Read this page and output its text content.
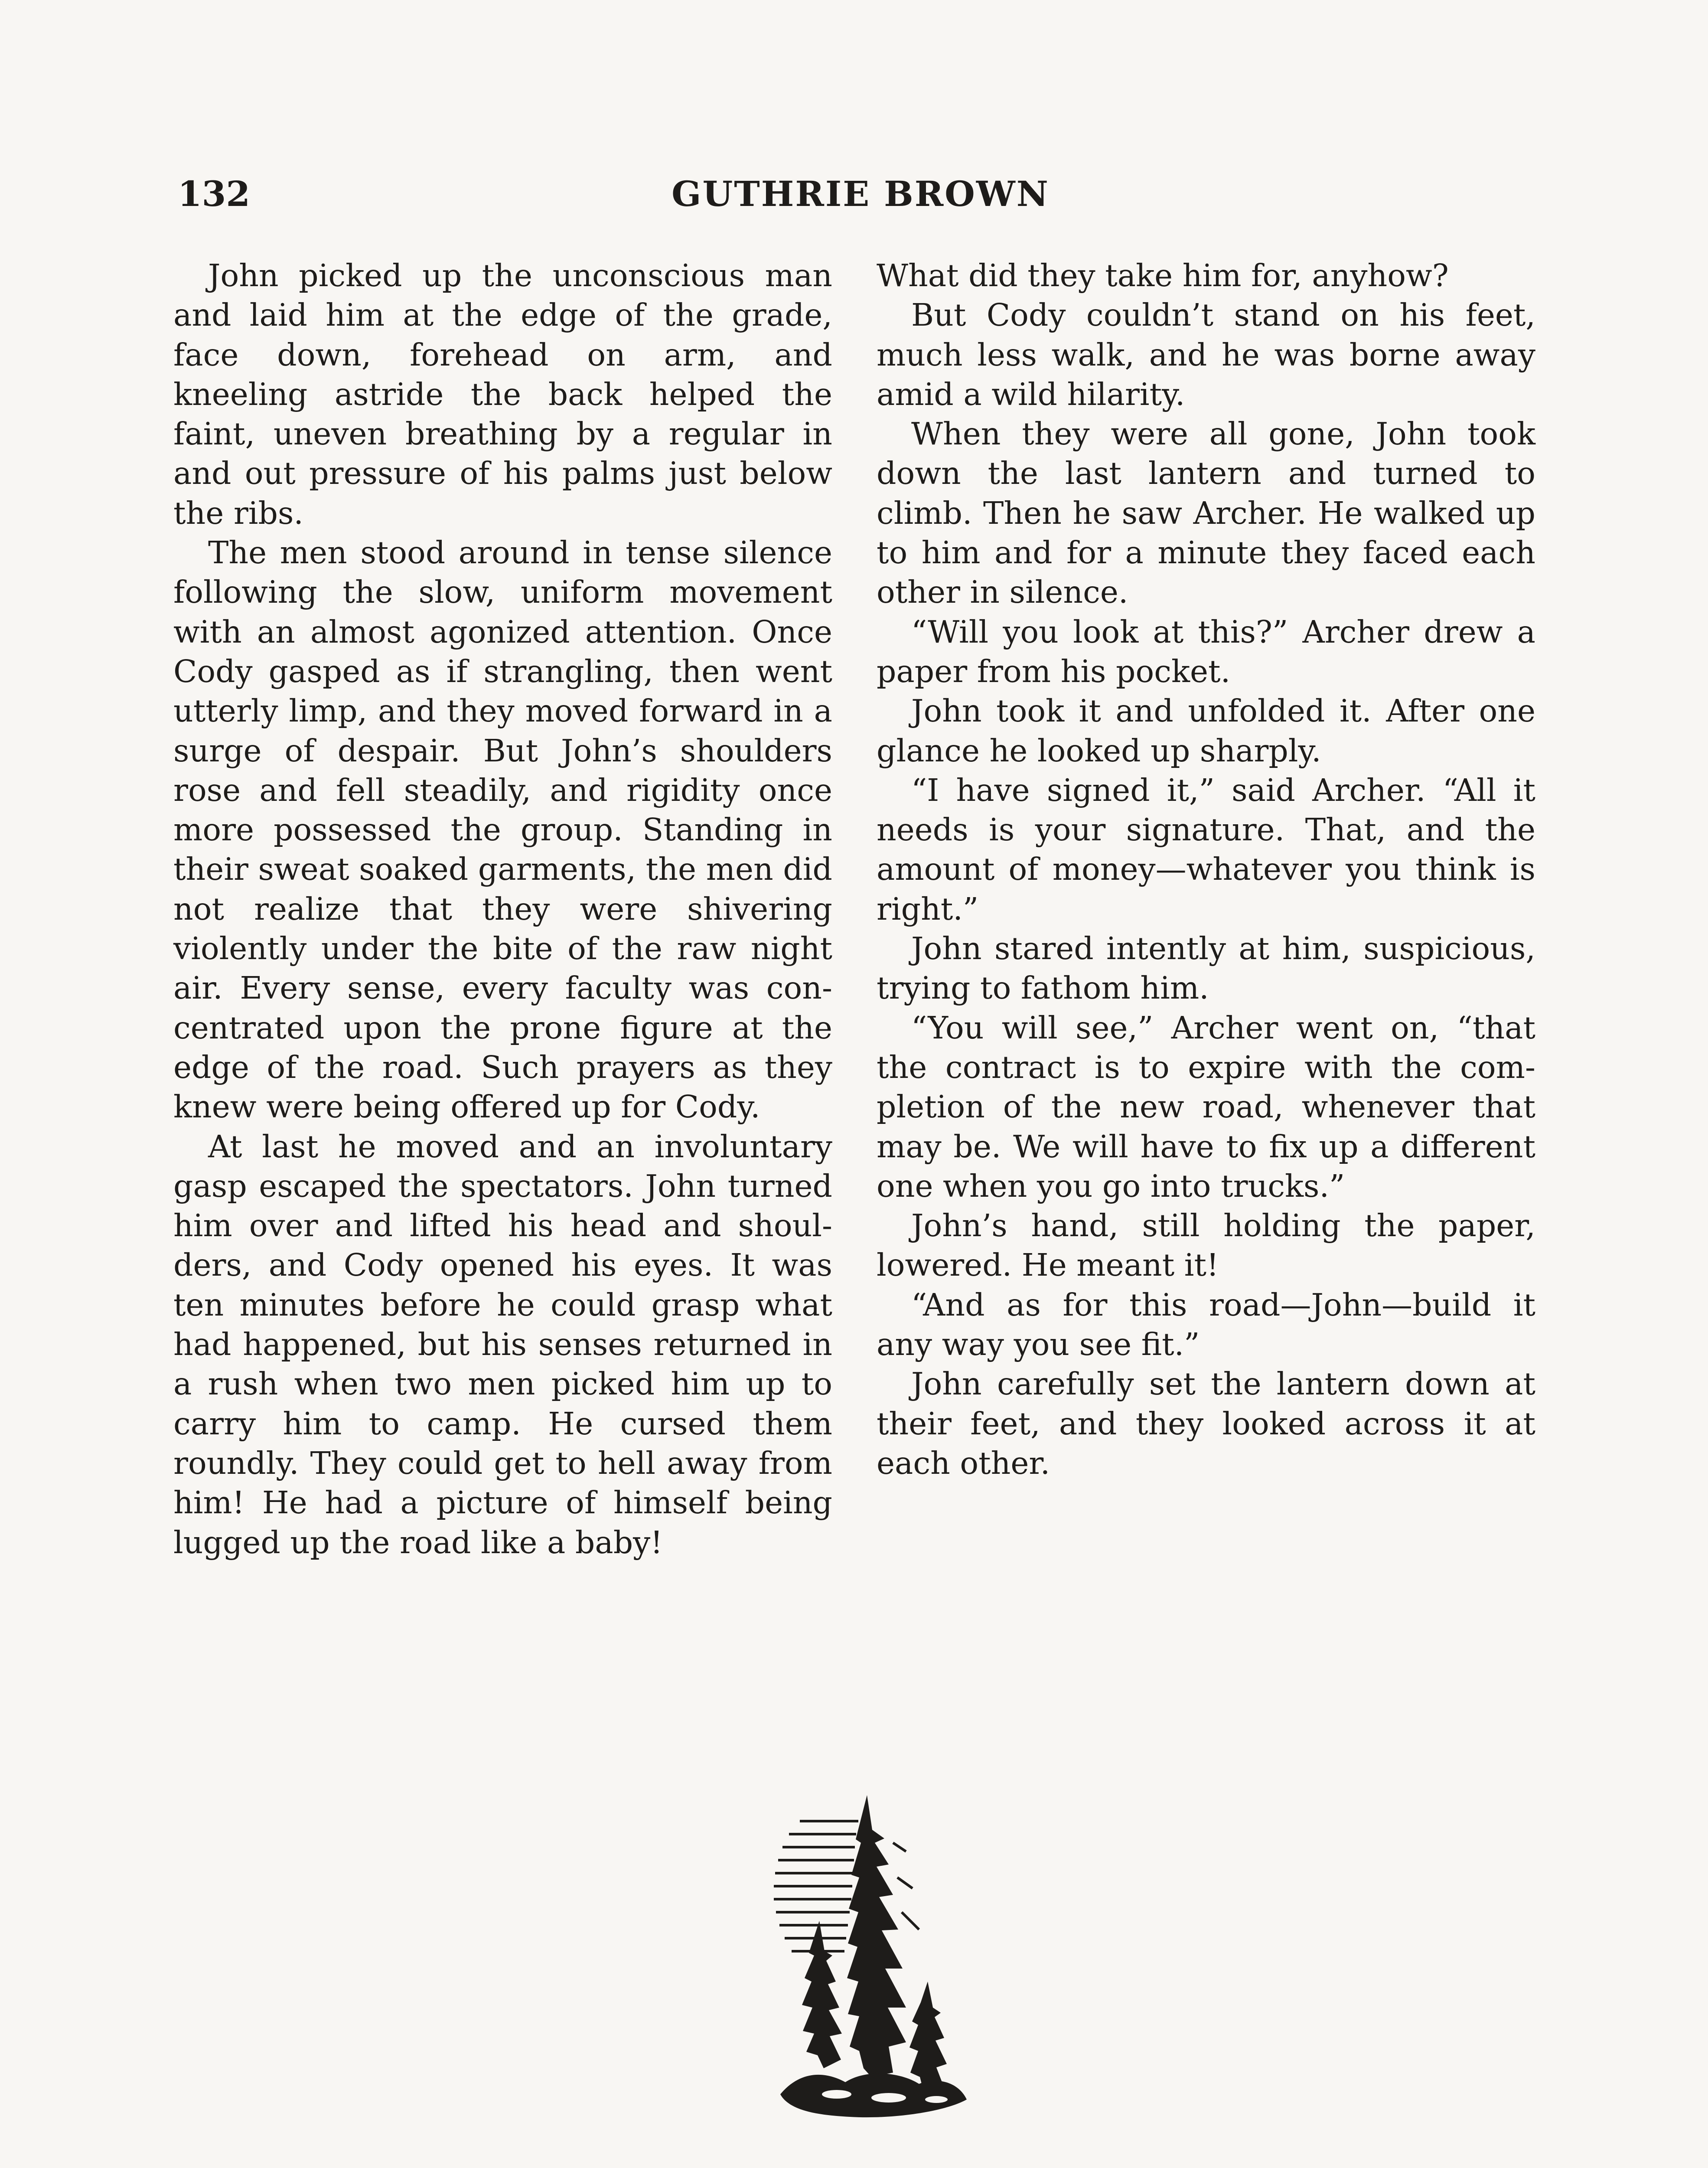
132	GUTHRIE BROWN

John picked up the unconscious man and laid him at the edge of the grade, face down, forehead on arm, and kneeling astride the back helped the faint, uneven breathing by a regular in and out pressure of his palms just below the ribs.

The men stood around in tense silence following the slow, uniform movement with an almost agonized attention. Once Cody gasped as if strangling, then went utterly limp, and they moved forward in a surge of despair. But John’s shoulders rose and fell steadily, and rigidity once more possessed the group. Standing in their sweat soaked garments, the men did not realize that they were shivering violently under the bite of the raw night air. Every sense, every faculty was concentrated upon the prone figure at the edge of the road. Such prayers as they knew were being offered up for Cody.

At last he moved and an involuntary gasp escaped the spectators. John turned him over and lifted his head and shoulders, and Cody opened his eyes. It was ten minutes before he could grasp what had happened, but his senses returned in a rush when two men picked him up to carry him to camp. He cursed them roundly. They could get to hell away from him! He had a picture of himself being lugged up the road like a baby!

What did they take him for, anyhow?

But Cody couldn’t stand on his feet, much less walk, and he was borne away amid a wild hilarity.

When they were all gone, John took down the last lantern and turned to climb. Then he saw Archer. He walked up to him and for a minute they faced each other in silence.

“Will you look at this?” Archer drew a paper from his pocket.

John took it and unfolded it. After one glance he looked up sharply.

“I have signed it,” said Archer. “All it needs is your signature. That, and the amount of money—whatever you think is right.”

John stared intently at him, suspicious, trying to fathom him.

“You will see,” Archer went on, “that the contract is to expire with the completion of the new road, whenever that may be. We will have to fix up a different one when you go into trucks.”

John’s hand, still holding the paper, lowered. He meant it!

“And as for this road—John—build it any way you see fit.”

John carefully set the lantern down at their feet, and they looked across it at each other.
